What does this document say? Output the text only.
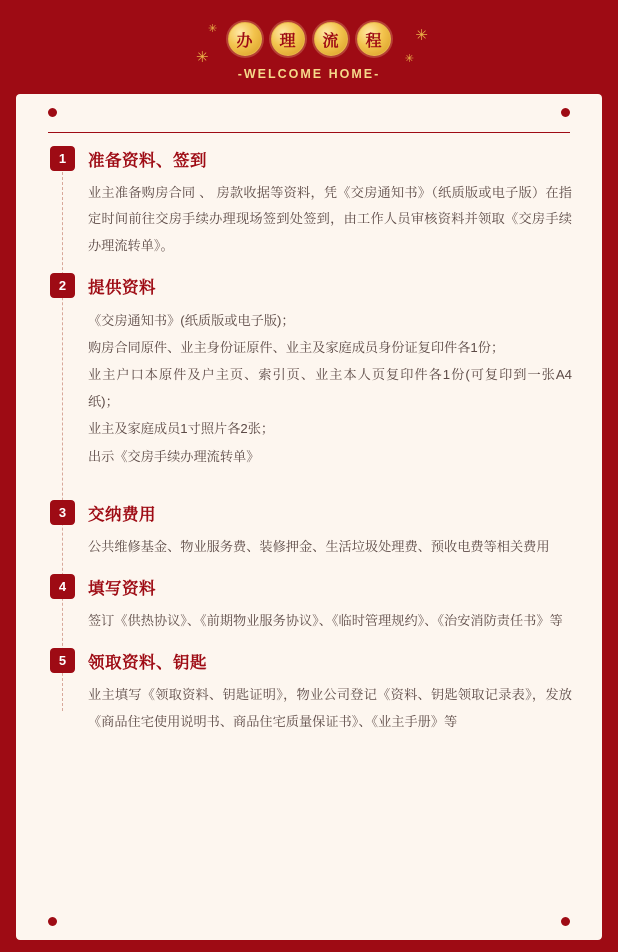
✳
✳	✳
✳
办 理 流 程
-WELCOME HOME-
1	准备资料、签到

业主准备购房合同 、 房款收据等资料，凭《交房通知书》（纸质版或电子版）在指定时间前往交房手续办理现场签到处签到，由工作人员审核资料并领取《交房手续办理流转单》。

2	提供资料

《交房通知书》(纸质版或电子版)；

购房合同原件、业主身份证原件、业主及家庭成员身份证复印件各1份；

业主户口本原件及户主页、索引页、业主本人页复印件各1份(可复印到一张A4 纸)；

业主及家庭成员1寸照片各2张；

出示《交房手续办理流转单》

3	交纳费用

公共维修基金、物业服务费、装修押金、生活垃圾处理费、预收电费等相关费用

4	填写资料

签订《供热协议》、《前期物业服务协议》、《临时管理规约》、《治安消防责任书》等

5	领取资料、钥匙

业主填写《领取资料、钥匙证明》，物业公司登记《资料、钥匙领取记录表》，发放《商品住宅使用说明书、商品住宅质量保证书》、《业主手册》等
